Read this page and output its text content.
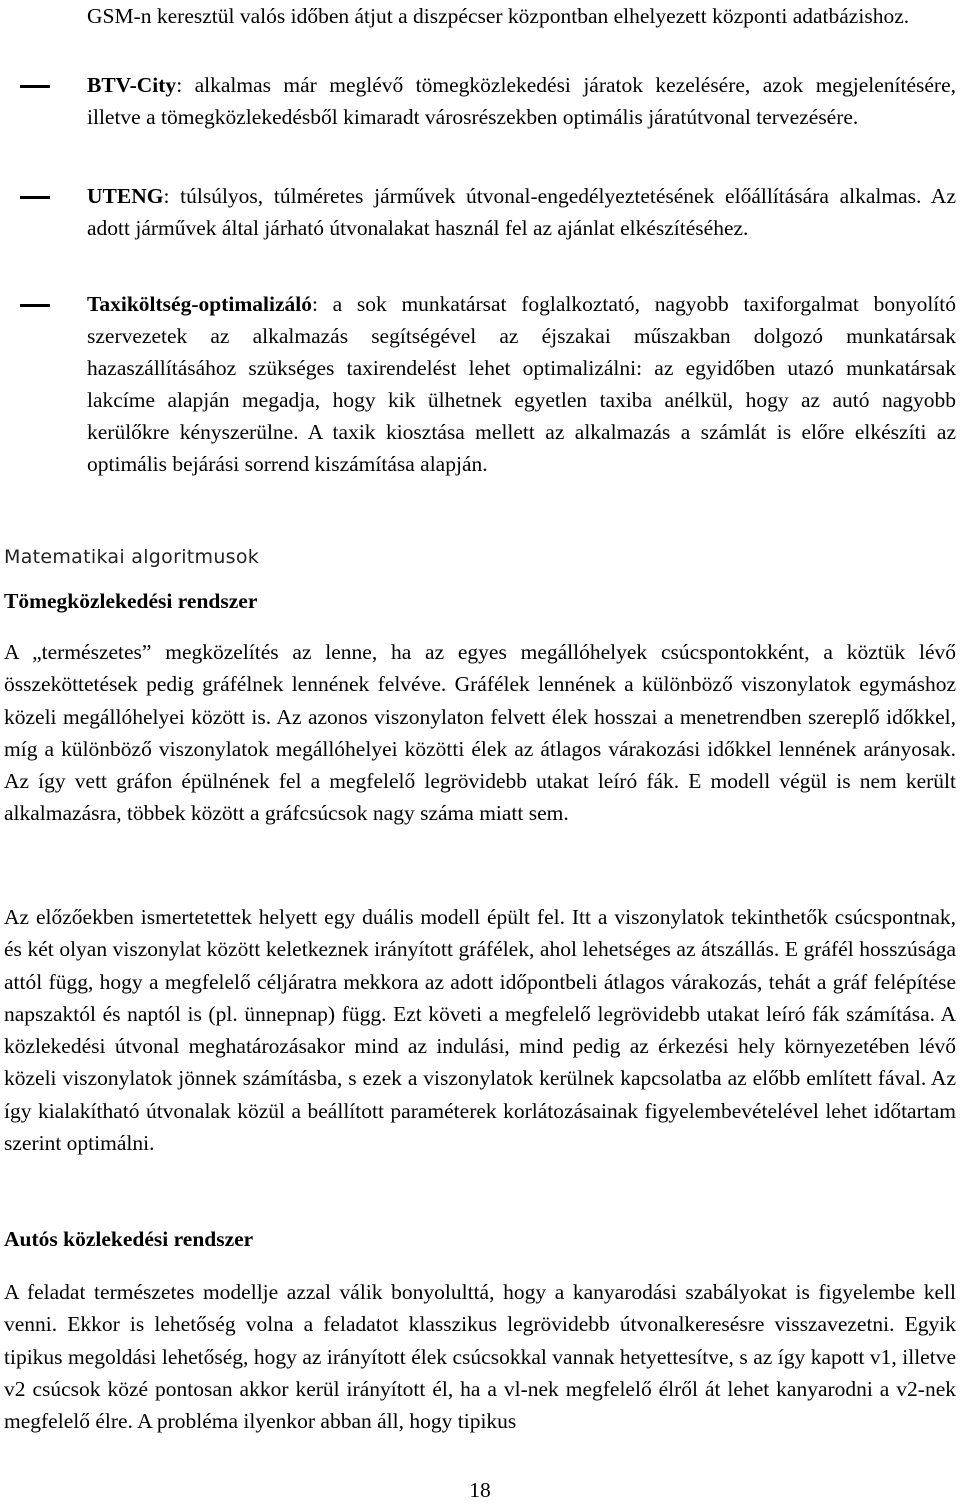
GSM-n keresztül valós időben átjut a diszpécser központban elhelyezett központi adatbázishoz.
BTV-City: alkalmas már meglévő tömegközlekedési járatok kezelésére, azok megjelenítésére, illetve a tömegközlekedésből kimaradt városrészekben optimális járatútvonal tervezésére.
UTENG: túlsúlyos, túlméretes járművek útvonal-engedélyeztetésének előállítására alkalmas. Az adott járművek által járható útvonalakat használ fel az ajánlat elkészítéséhez.
Taxiköltség-optimalizáló: a sok munkatársat foglalkoztató, nagyobb taxiforgalmat bonyolító szervezetek az alkalmazás segítségével az éjszakai műszakban dolgozó munkatársak hazaszállításához szükséges taxirendelést lehet optimalizálni: az egyidőben utazó munkatársak lakcíme alapján megadja, hogy kik ülhetnek egyetlen taxiba anélkül, hogy az autó nagyobb kerülőkre kényszerülne. A taxik kiosztása mellett az alkalmazás a számlát is előre elkészíti az optimális bejárási sorrend kiszámítása alapján.
Matematikai algoritmusok
Tömegközlekedési rendszer
A „természetes” megközelítés az lenne, ha az egyes megállóhelyek csúcspontokként, a köztük lévő összeköttetések pedig gráfélnek lennének felvéve. Gráfélek lennének a különböző viszonylatok egymáshoz közeli megállóhelyei között is. Az azonos viszonylaton felvett élek hosszai a menetrendben szereplő időkkel, míg a különböző viszonylatok megállóhelyei közötti élek az átlagos várakozási időkkel lennének arányosak. Az így vett gráfon épülnének fel a megfelelő legrövidebb utakat leíró fák. E modell végül is nem került alkalmazásra, többek között a gráfcsúcsok nagy száma miatt sem.
Az előzőekben ismertetettek helyett egy duális modell épült fel. Itt a viszonylatok tekinthetők csúcspontnak, és két olyan viszonylat között keletkeznek irányított gráfélek, ahol lehetséges az átszállás. E gráfél hosszúsága attól függ, hogy a megfelelő céljáratra mekkora az adott időpontbeli átlagos várakozás, tehát a gráf felépítése napszaktól és naptól is (pl. ünnepnap) függ. Ezt követi a megfelelő legrövidebb utakat leíró fák számítása. A közlekedési útvonal meghatározásakor mind az indulási, mind pedig az érkezési hely környezetében lévő közeli viszonylatok jönnek számításba, s ezek a viszonylatok kerülnek kapcsolatba az előbb említett fával. Az így kialakítható útvonalak közül a beállított paraméterek korlátozásainak figyelembevételével lehet időtartam szerint optimálni.
Autós közlekedési rendszer
A feladat természetes modellje azzal válik bonyolulttá, hogy a kanyarodási szabályokat is figyelembe kell venni. Ekkor is lehetőség volna a feladatot klasszikus legrövidebb útvonalkeresésre visszavezetni. Egyik tipikus megoldási lehetőség, hogy az irányított élek csúcsokkal vannak hetyettesítve, s az így kapott v1, illetve v2 csúcsok közé pontosan akkor kerül irányított él, ha a vl-nek megfelelő élről át lehet kanyarodni a v2-nek megfelelő élre. A probléma ilyenkor abban áll, hogy tipikus
18
